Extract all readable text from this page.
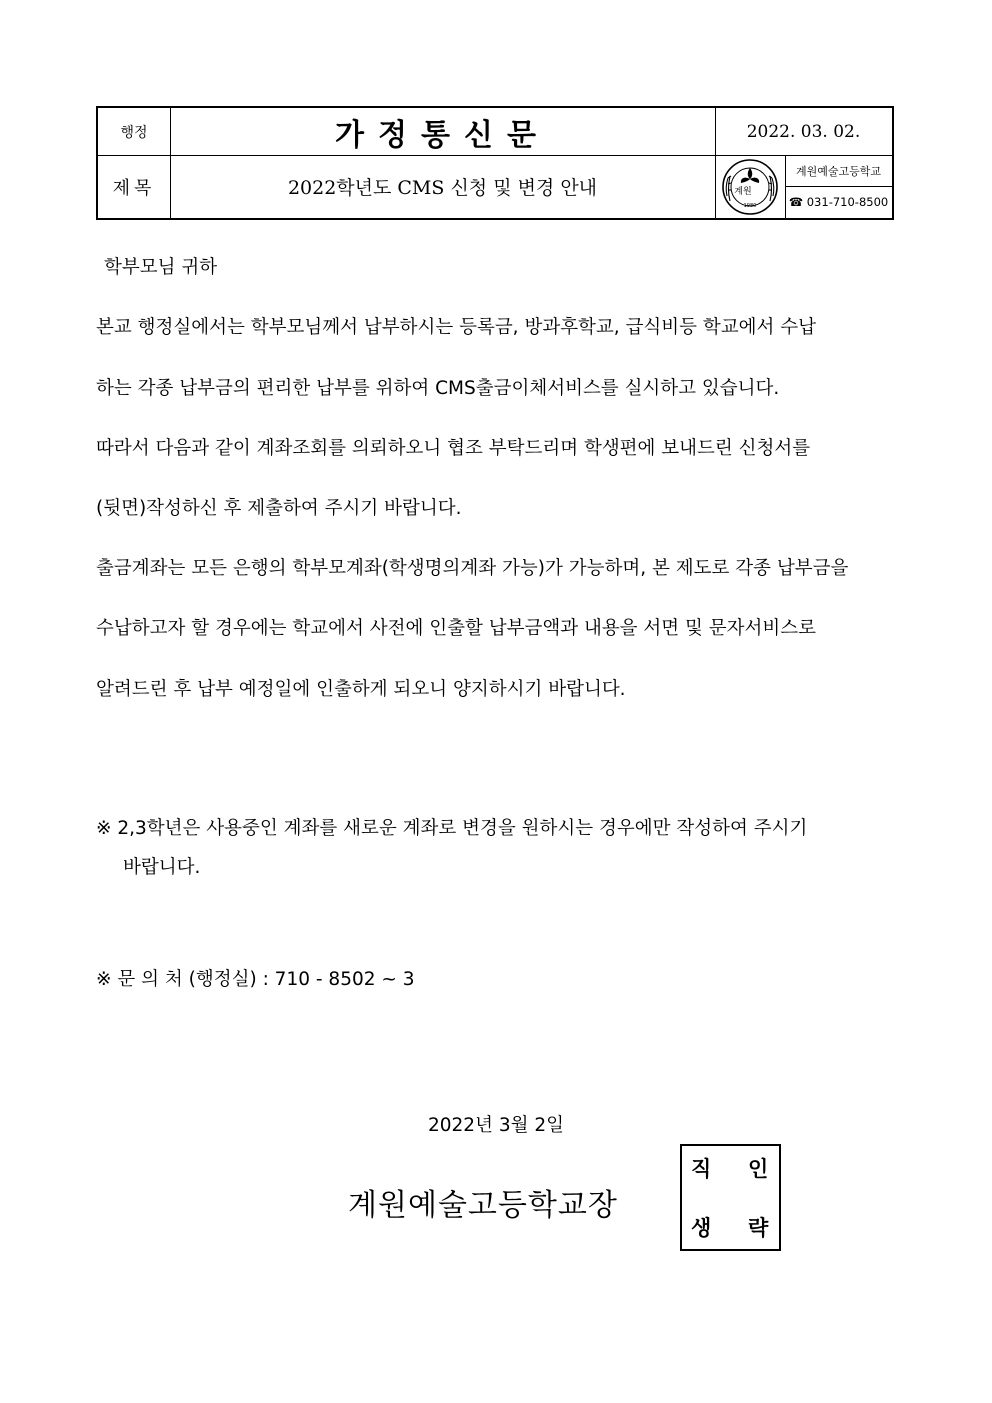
행정	가정통신문	2022. 03. 02.
제목	2022학년도 CMS 신청 및 변경 안내	계원
1980
계원예술고등학교
☎ 031-710-8500
학부모님 귀하
본교 행정실에서는 학부모님께서 납부하시는 등록금, 방과후학교, 급식비등 학교에서 수납
하는 각종 납부금의 편리한 납부를 위하여 CMS출금이체서비스를 실시하고 있습니다.
따라서 다음과 같이 계좌조회를 의뢰하오니 협조 부탁드리며 학생편에 보내드린 신청서를
(뒷면)작성하신 후 제출하여 주시기 바랍니다.
출금계좌는 모든 은행의 학부모계좌(학생명의계좌 가능)가 가능하며, 본 제도로 각종 납부금을
수납하고자 할 경우에는 학교에서 사전에 인출할 납부금액과 내용을 서면 및 문자서비스로
알려드린 후 납부 예정일에 인출하게 되오니 양지하시기 바랍니다.
※ 2,3학년은 사용중인 계좌를 새로운 계좌로 변경을 원하시는 경우에만 작성하여 주시기
바랍니다.
※ 문 의 처 (행정실) : 710 - 8502 ~ 3
2022년 3월 2일
계원예술고등학교장
직 인
생 략
